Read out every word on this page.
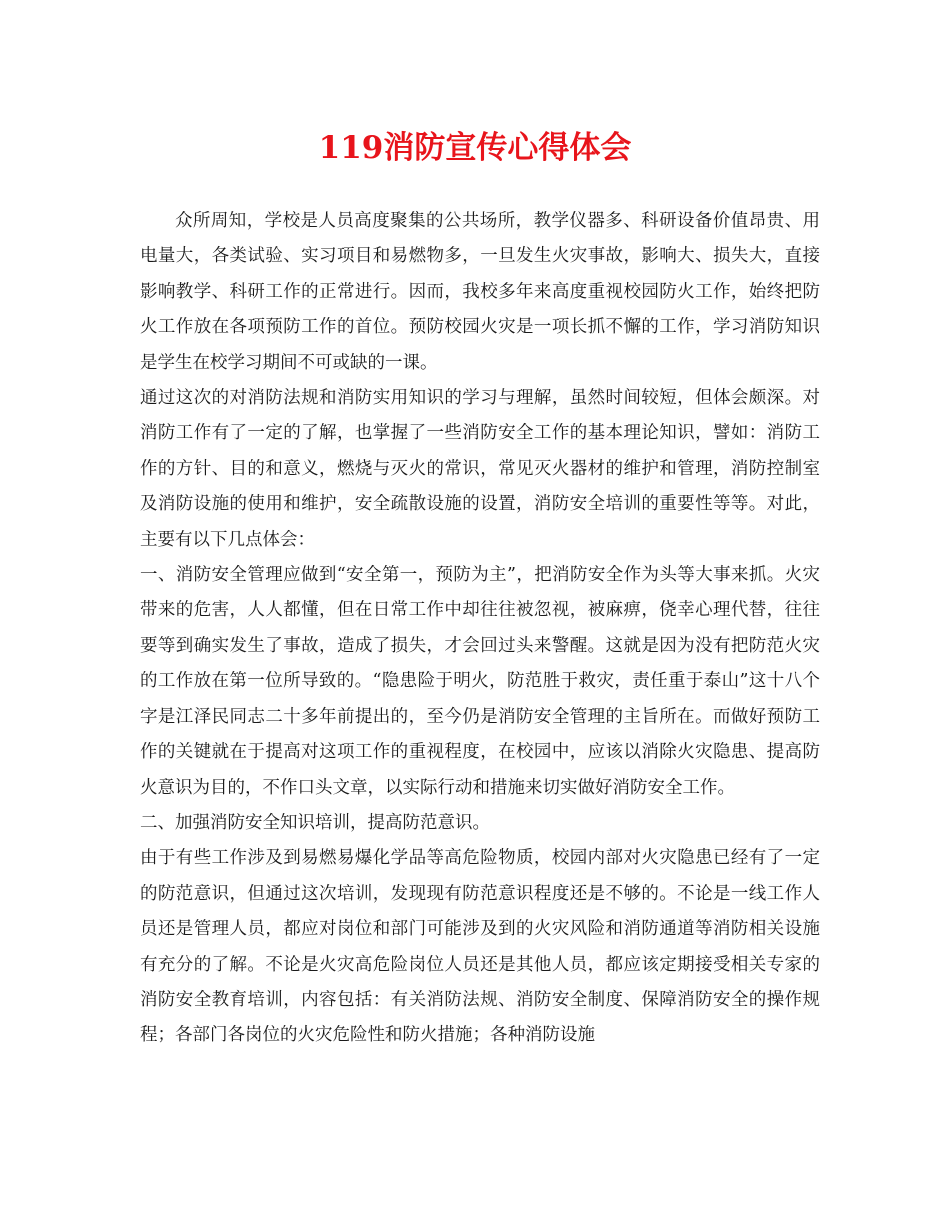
119消防宣传心得体会

众所周知，学校是人员高度聚集的公共场所，教学仪器多、科研设备价值昂贵、用电量大，各类试验、实习项目和易燃物多，一旦发生火灾事故，影响大、损失大，直接影响教学、科研工作的正常进行。因而，我校多年来高度重视校园防火工作，始终把防火工作放在各项预防工作的首位。预防校园火灾是一项长抓不懈的工作，学习消防知识是学生在校学习期间不可或缺的一课。

通过这次的对消防法规和消防实用知识的学习与理解，虽然时间较短，但体会颇深。对消防工作有了一定的了解，也掌握了一些消防安全工作的基本理论知识，譬如：消防工作的方针、目的和意义，燃烧与灭火的常识，常见灭火器材的维护和管理，消防控制室及消防设施的使用和维护，安全疏散设施的设置，消防安全培训的重要性等等。对此，主要有以下几点体会：

一、消防安全管理应做到“安全第一，预防为主”，把消防安全作为头等大事来抓。火灾带来的危害，人人都懂，但在日常工作中却往往被忽视，被麻痹，侥幸心理代替，往往要等到确实发生了事故，造成了损失，才会回过头来警醒。这就是因为没有把防范火灾的工作放在第一位所导致的。“隐患险于明火，防范胜于救灾，责任重于泰山”这十八个字是江泽民同志二十多年前提出的，至今仍是消防安全管理的主旨所在。而做好预防工作的关键就在于提高对这项工作的重视程度，在校园中，应该以消除火灾隐患、提高防火意识为目的，不作口头文章，以实际行动和措施来切实做好消防安全工作。

二、加强消防安全知识培训，提高防范意识。

由于有些工作涉及到易燃易爆化学品等高危险物质，校园内部对火灾隐患已经有了一定的防范意识，但通过这次培训，发现现有防范意识程度还是不够的。不论是一线工作人员还是管理人员，都应对岗位和部门可能涉及到的火灾风险和消防通道等消防相关设施有充分的了解。不论是火灾高危险岗位人员还是其他人员，都应该定期接受相关专家的消防安全教育培训，内容包括：有关消防法规、消防安全制度、保障消防安全的操作规程；各部门各岗位的火灾危险性和防火措施；各种消防设施
